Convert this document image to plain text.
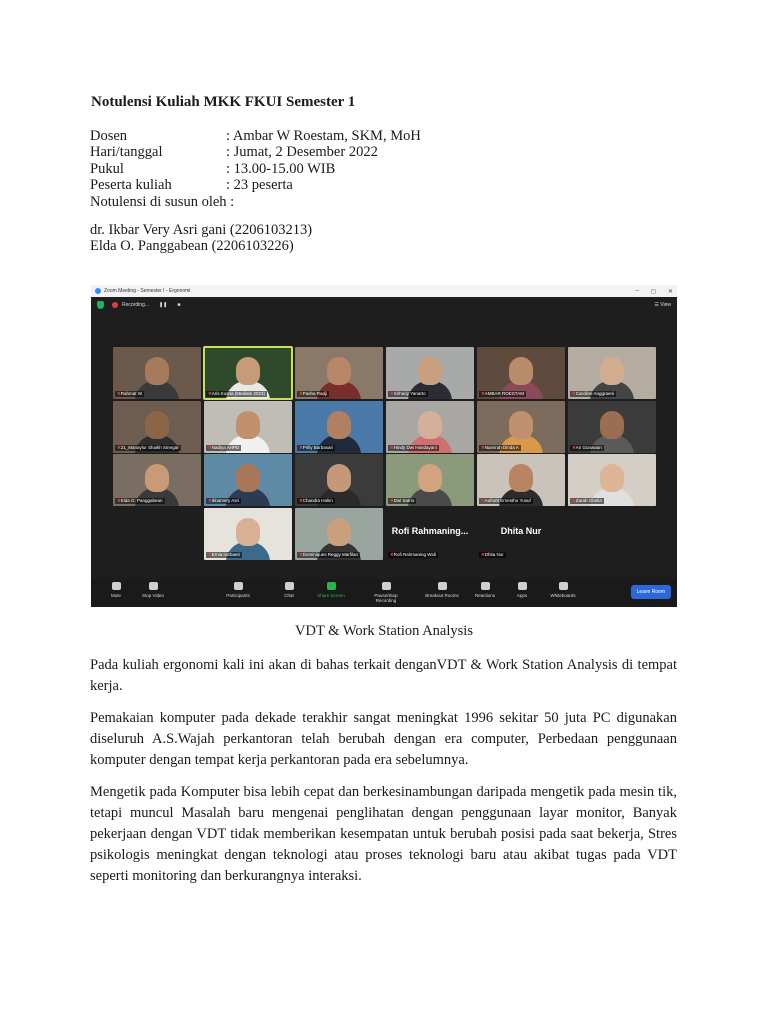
Notulensi Kuliah MKK FKUI Semester 1
Dosen	: Ambar W Roestam, SKM, MoH
Hari/tanggal	: Jumat, 2 Desember 2022
Pukul	: 13.00-15.00 WIB
Peserta kuliah	: 23 peserta
Notulensi di susun oleh :
dr. Ikbar Very Asri gani (2206103213)
Elda O. Panggabean (2206103226)
Zoom Meeting - Semester I - Ergonomi	– ◻ ✕
Recording... ❚❚ ■	☰ View
✖ Rahmat W	✖ Aris Kusna (Mediate 2023)	✖ Pasha Radji	✖ Sirhady Yanarto	✖ AMBAR ROESTAM	✖ Caroline Anggraeni
✖ 21_Manaylur Shaikh Sinegar	✖ Nadiya AHPD	✖ Prilly Barbasari	✖ Hindy Dwi Handayani	✖ Namirah Dinda A	✖ Ari Gunawan
✖ Elda O. Panggabean	✖ Ikbarvery Asri	✖ Chandra Halim	✖ Dwi Satrio	✖ Aufrahl Ernestho Yusuf	✖ Zarah Obelia
✖ Ernia nurbaeti	✖ Dominiques Reggy Marfilan
Rofi Rahmaning...
✖ Rofi Rahmaning Widi
Dhita Nur
✖ Dhita Nur
Leave Room
Mute	Stop Video	Participants	Chat	Share Screen	Pause/Stop Recording
Breakout Rooms	Reactions	Apps	Whiteboards
VDT & Work Station Analysis

Pada kuliah ergonomi kali ini akan di bahas terkait denganVDT & Work Station Analysis di tempat kerja.

Pemakaian komputer pada dekade terakhir sangat meningkat 1996 sekitar 50 juta PC digunakan diseluruh A.S.Wajah perkantoran telah berubah dengan era computer, Perbedaan penggunaan komputer dengan tempat kerja perkantoran pada era sebelumnya.

Mengetik pada Komputer bisa lebih cepat dan berkesinambungan daripada mengetik pada mesin tik, tetapi muncul Masalah baru mengenai penglihatan dengan penggunaan layar monitor, Banyak pekerjaan dengan VDT tidak memberikan kesempatan untuk berubah posisi pada saat bekerja, Stres psikologis meningkat dengan teknologi atau proses teknologi baru atau akibat tugas pada VDT seperti monitoring dan berkurangnya interaksi.
